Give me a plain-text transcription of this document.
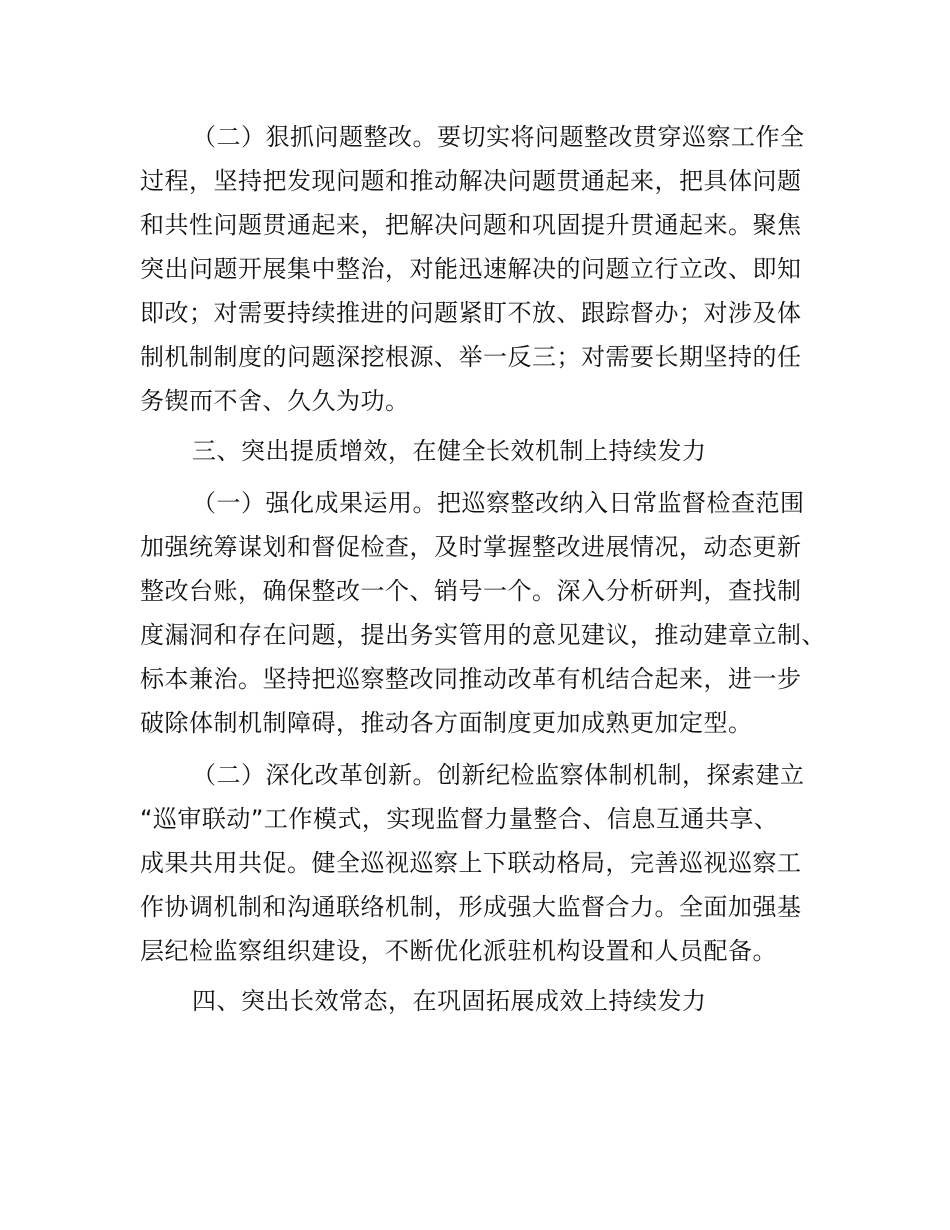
（二）狠抓问题整改。要切实将问题整改贯穿巡察工作全
过程，坚持把发现问题和推动解决问题贯通起来，把具体问题
和共性问题贯通起来，把解决问题和巩固提升贯通起来。聚焦
突出问题开展集中整治，对能迅速解决的问题立行立改、即知
即改；对需要持续推进的问题紧盯不放、跟踪督办；对涉及体
制机制制度的问题深挖根源、举一反三；对需要长期坚持的任
务锲而不舍、久久为功。
三、突出提质增效，在健全长效机制上持续发力
（一）强化成果运用。把巡察整改纳入日常监督检查范围
加强统筹谋划和督促检查，及时掌握整改进展情况，动态更新
整改台账，确保整改一个、销号一个。深入分析研判，查找制
度漏洞和存在问题，提出务实管用的意见建议，推动建章立制、
标本兼治。坚持把巡察整改同推动改革有机结合起来，进一步
破除体制机制障碍，推动各方面制度更加成熟更加定型。
（二）深化改革创新。创新纪检监察体制机制，探索建立
“巡审联动”工作模式，实现监督力量整合、信息互通共享、
成果共用共促。健全巡视巡察上下联动格局，完善巡视巡察工
作协调机制和沟通联络机制，形成强大监督合力。全面加强基
层纪检监察组织建设，不断优化派驻机构设置和人员配备。
四、突出长效常态，在巩固拓展成效上持续发力
